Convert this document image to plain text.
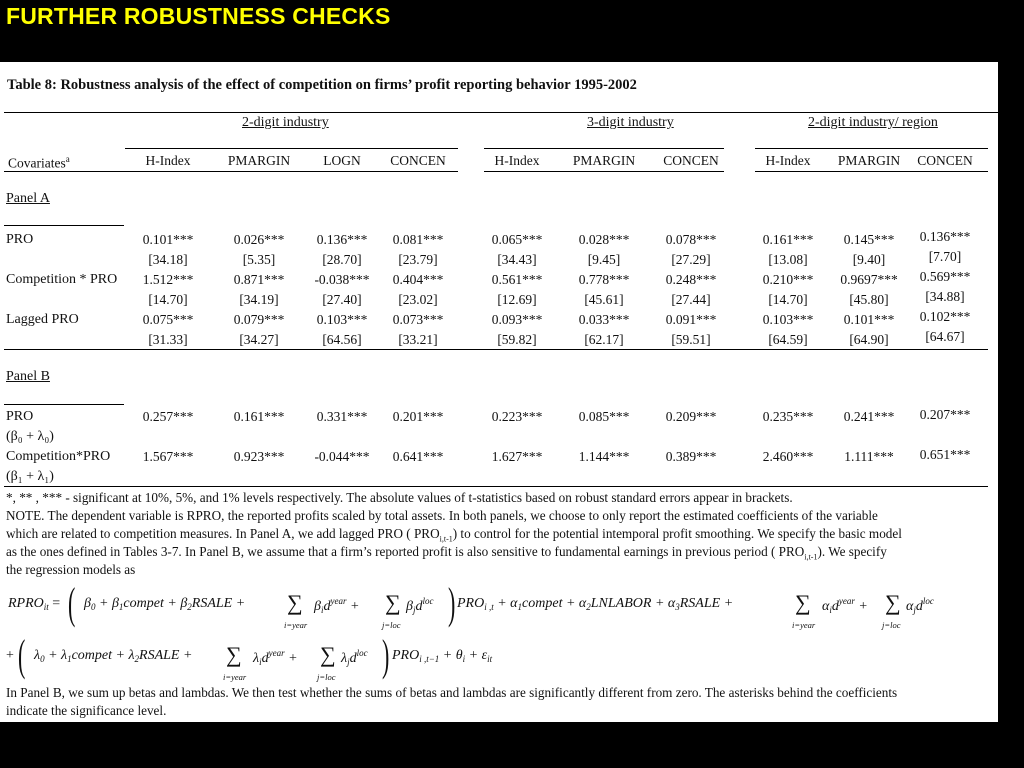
FURTHER ROBUSTNESS CHECKS
Table 8: Robustness analysis of the effect of competition on firms’ profit reporting behavior 1995-2002
2-digit industry	3-digit industry	2-digit industry/ region
Covariates$^a$	H-Index	PMARGIN	LOGN	CONCEN	H-Index	PMARGIN	CONCEN	H-Index	PMARGIN	CONCEN
Panel A
PRO	0.101***	0.026***	0.136***	0.081***	0.065***	0.028***	0.078***	0.161***	0.145***	0.136***
[34.18]	[5.35]	[28.70]	[23.79]	[34.43]	[9.45]	[27.29]	[13.08]	[9.40]	[7.70]
Competition * PRO	1.512***	0.871***	-0.038***	0.404***	0.561***	0.778***	0.248***	0.210***	0.9697***	0.569***
[14.70]	[34.19]	[27.40]	[23.02]	[12.69]	[45.61]	[27.44]	[14.70]	[45.80]	[34.88]
Lagged PRO	0.075***	0.079***	0.103***	0.073***	0.093***	0.033***	0.091***	0.103***	0.101***	0.102***
[31.33]	[34.27]	[64.56]	[33.21]	[59.82]	[62.17]	[59.51]	[64.59]	[64.90]	[64.67]
Panel B
PRO
(β₀ + λ₀)
0.257***	0.161***	0.331***	0.201***	0.223***	0.085***	0.209***	0.235***	0.241***	0.207***
Competition*PRO
(β₁ + λ₁)
1.567***	0.923***	-0.044***	0.641***	1.627***	1.144***	0.389***	2.460***	1.111***	0.651***
*, ** , *** - significant at 10%, 5%, and 1% levels respectively. The absolute values of t-statistics based on robust standard errors appear in brackets.
NOTE. The dependent variable is RPRO, the reported profits scaled by total assets. In both panels, we choose to only report the estimated coefficients of the variable
which are related to competition measures. In Panel A, we add lagged PRO ( $PRO_{i,t-1}$) to control for the potential intemporal profit smoothing. We specify the basic model
as the ones defined in Tables 3-7. In Panel B, we assume that a firm’s reported profit is also sensitive to fundamental earnings in previous period ( $PRO_{i,t-1}$). We specify
the regression models as
$RPRO_{it}$ = ( $\beta_0$ + $\beta_1compet$ + $\beta_2RSALE$ + ∑
i=year
$\beta_id^{year}$ + ∑
j=loc
$\beta_jd^{loc}$ ) $PRO_{i ,t}$ + $\alpha_1compet$ + $\alpha_2LNLABOR$ + $\alpha_3RSALE$ +	∑
i=year
$\alpha_id^{year}$ + ∑
j=loc
$\alpha_jd^{loc}$
+ ( $\lambda_0$ + $\lambda_1compet$ + $\lambda_2RSALE$ + ∑
i=year
$\lambda_id^{year}$ + ∑
j=loc
$\lambda_jd^{loc}$ ) $PRO_{i ,t-1} + \theta_i + \varepsilon_{it}$
In Panel B, we sum up betas and lambdas. We then test whether the sums of betas and lambdas are significantly different from zero. The asterisks behind the coefficients
indicate the significance level.
